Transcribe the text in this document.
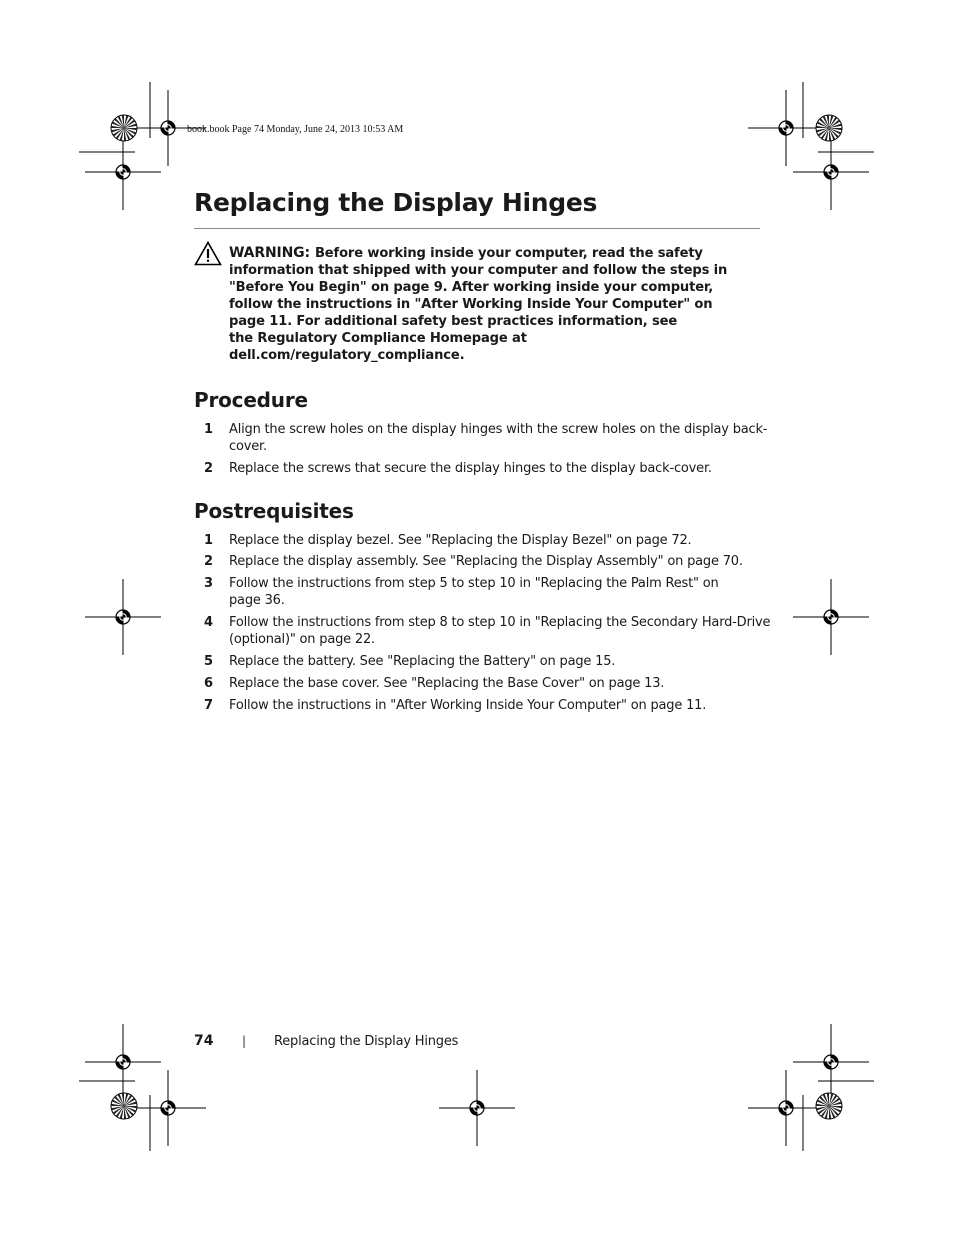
book.book Page 74 Monday, June 24, 2013 10:53 AM
Replacing the Display Hinges
WARNING: Before working inside your computer, read the safety
information that shipped with your computer and follow the steps in
"Before You Begin" on page 9. After working inside your computer,
follow the instructions in "After Working Inside Your Computer" on
page 11. For additional safety best practices information, see
the Regulatory Compliance Homepage at
dell.com/regulatory_compliance.
Procedure
1 Align the screw holes on the display hinges with the screw holes on the display back-
cover.
2 Replace the screws that secure the display hinges to the display back-cover.
Postrequisites
1 Replace the display bezel. See "Replacing the Display Bezel" on page 72.
2 Replace the display assembly. See "Replacing the Display Assembly" on page 70.
3 Follow the instructions from step 5 to step 10 in "Replacing the Palm Rest" on
page 36.
4 Follow the instructions from step 8 to step 10 in "Replacing the Secondary Hard-Drive
(optional)" on page 22.
5 Replace the battery. See "Replacing the Battery" on page 15.
6 Replace the base cover. See "Replacing the Base Cover" on page 13.
7 Follow the instructions in "After Working Inside Your Computer" on page 11.
74	| Replacing the Display Hinges
